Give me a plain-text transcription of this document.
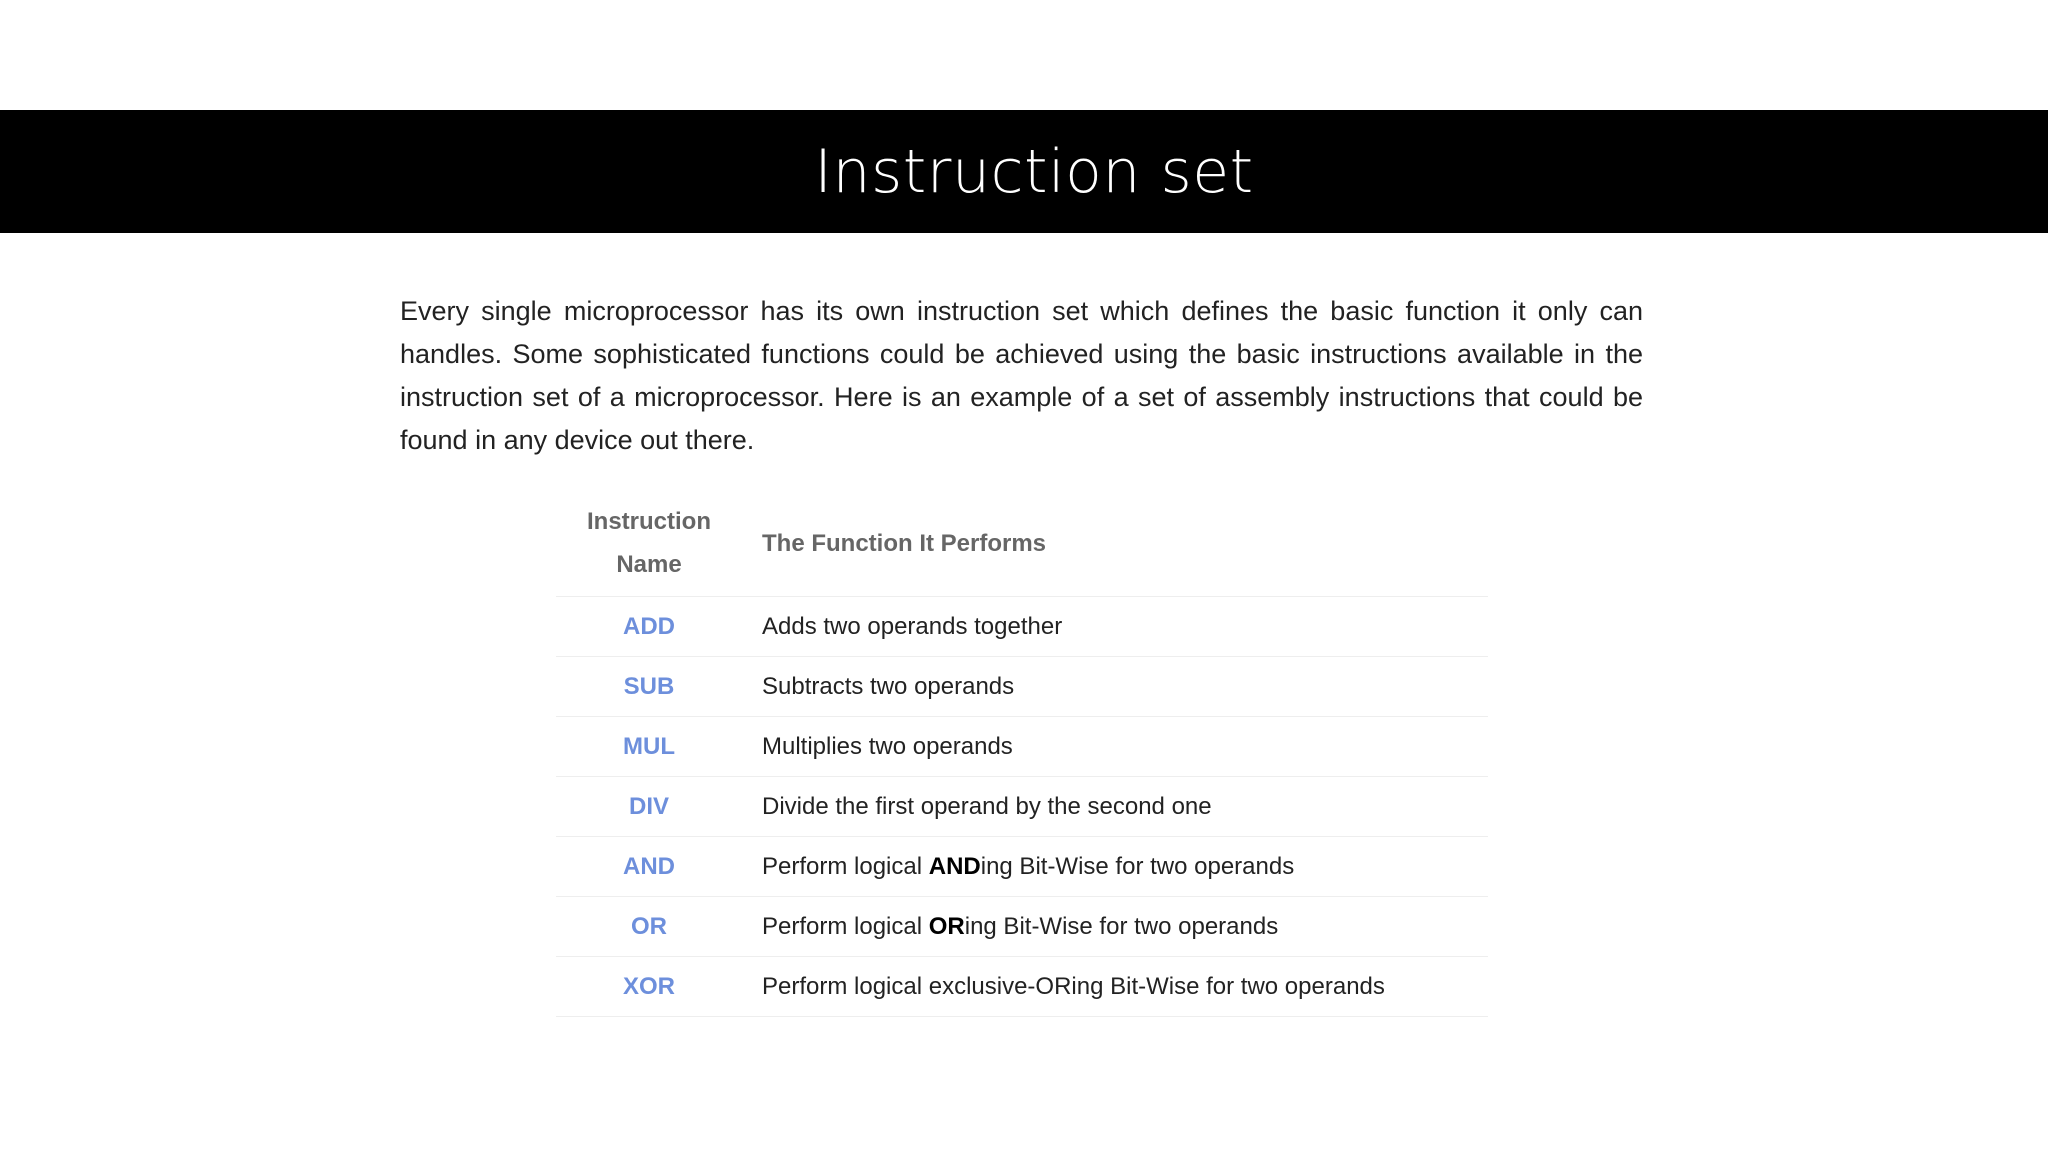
Instruction set
Every single microprocessor has its own instruction set which defines the basic function it only can handles. Some sophisticated functions could be achieved using the basic instructions available in the instruction set of a microprocessor. Here is an example of a set of assembly instructions that could be found in any device out there.
Instruction
Name	The Function It Performs
ADD	Adds two operands together
SUB	Subtracts two operands
MUL	Multiplies two operands
DIV	Divide the first operand by the second one
AND	Perform logical ANDing Bit-Wise for two operands
OR	Perform logical ORing Bit-Wise for two operands
XOR	Perform logical exclusive-ORing Bit-Wise for two operands
